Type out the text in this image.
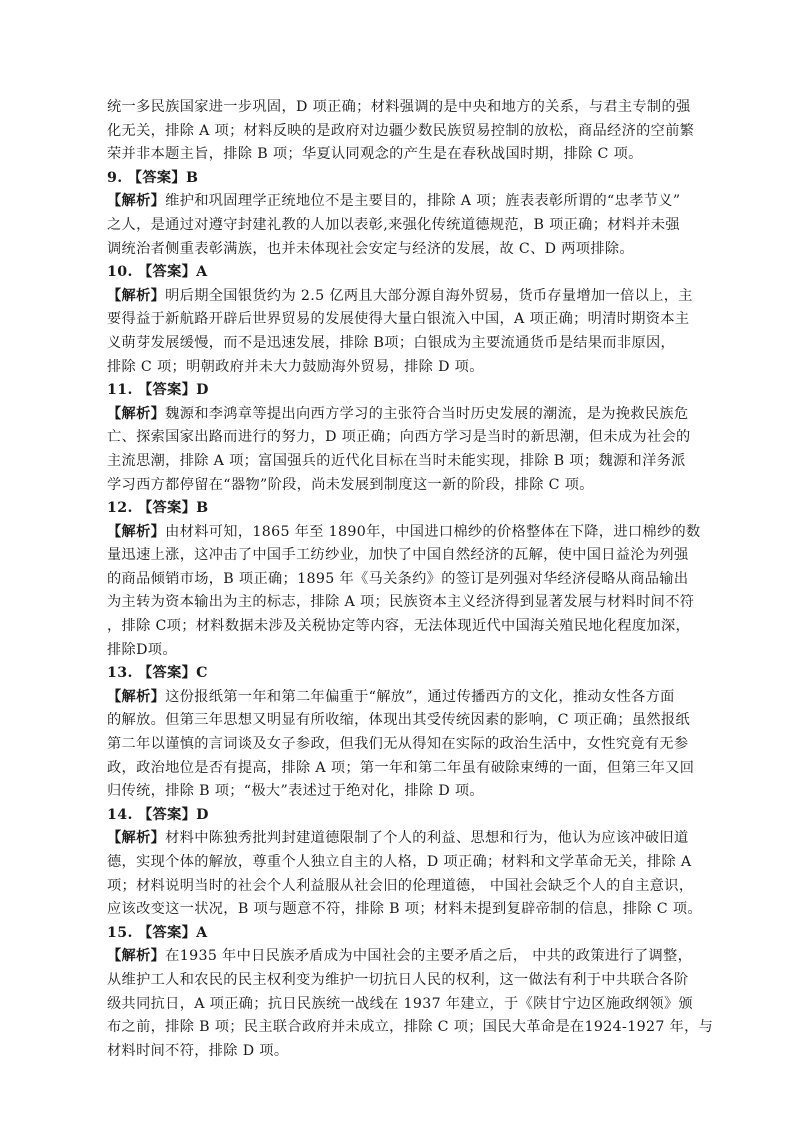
统一多民族国家进一步巩固，D 项正确；材料强调的是中央和地方的关系，与君主专制的强
化无关，排除 A 项；材料反映的是政府对边疆少数民族贸易控制的放松，商品经济的空前繁
荣并非本题主旨，排除 B 项；华夏认同观念的产生是在春秋战国时期，排除 C 项。

9. 【答案】B

【解析】维护和巩固理学正统地位不是主要目的，排除 A 项；旌表表彰所谓的“忠孝节义”
之人，是通过对遵守封建礼教的人加以表彰,来强化传统道德规范，B 项正确；材料并未强
调统治者侧重表彰满族，也并未体现社会安定与经济的发展，故 C、D 两项排除。

10. 【答案】A

【解析】明后期全国银货约为 2.5 亿两且大部分源自海外贸易，货币存量增加一倍以上，主
要得益于新航路开辟后世界贸易的发展使得大量白银流入中国，A 项正确；明清时期资本主
义萌芽发展缓慢，而不是迅速发展，排除 B项；白银成为主要流通货币是结果而非原因，
排除 C 项；明朝政府并未大力鼓励海外贸易，排除 D 项。

11. 【答案】D

【解析】魏源和李鸿章等提出向西方学习的主张符合当时历史发展的潮流，是为挽救民族危
亡、探索国家出路而进行的努力，D 项正确；向西方学习是当时的新思潮，但未成为社会的
主流思潮，排除 A 项；富国强兵的近代化目标在当时未能实现，排除 B 项；魏源和洋务派
学习西方都停留在“器物”阶段，尚未发展到制度这一新的阶段，排除 C 项。

12. 【答案】B

【解析】由材料可知，1865 年至 1890年，中国进口棉纱的价格整体在下降，进口棉纱的数
量迅速上涨，这冲击了中国手工纺纱业，加快了中国自然经济的瓦解，使中国日益沦为列强
的商品倾销市场，B 项正确；1895 年《马关条约》的签订是列强对华经济侵略从商品输出
为主转为资本输出为主的标志，排除 A 项；民族资本主义经济得到显著发展与材料时间不符
，排除 C项；材料数据未涉及关税协定等内容，无法体现近代中国海关殖民地化程度加深，
排除D项。

13. 【答案】C

【解析】这份报纸第一年和第二年偏重于“解放”，通过传播西方的文化，推动女性各方面
的解放。但第三年思想又明显有所收缩，体现出其受传统因素的影响，C 项正确；虽然报纸
第二年以谨慎的言词谈及女子参政，但我们无从得知在实际的政治生活中，女性究竟有无参
政，政治地位是否有提高，排除 A 项；第一年和第二年虽有破除束缚的一面，但第三年又回
归传统，排除 B 项；“极大”表述过于绝对化，排除 D 项。

14. 【答案】D

【解析】材料中陈独秀批判封建道德限制了个人的利益、思想和行为，他认为应该冲破旧道
德，实现个体的解放，尊重个人独立自主的人格，D 项正确；材料和文学革命无关，排除 A
项；材料说明当时的社会个人利益服从社会旧的伦理道德， 中国社会缺乏个人的自主意识，
应该改变这一状况，B 项与题意不符，排除 B 项；材料未提到复辟帝制的信息，排除 C 项。

15. 【答案】A

【解析】在1935 年中日民族矛盾成为中国社会的主要矛盾之后， 中共的政策进行了调整，
从维护工人和农民的民主权利变为维护一切抗日人民的权利，这一做法有利于中共联合各阶
级共同抗日，A 项正确；抗日民族统一战线在 1937 年建立，于《陕甘宁边区施政纲领》颁
布之前，排除 B 项；民主联合政府并未成立，排除 C 项；国民大革命是在1924-1927 年，与
材料时间不符，排除 D 项。
